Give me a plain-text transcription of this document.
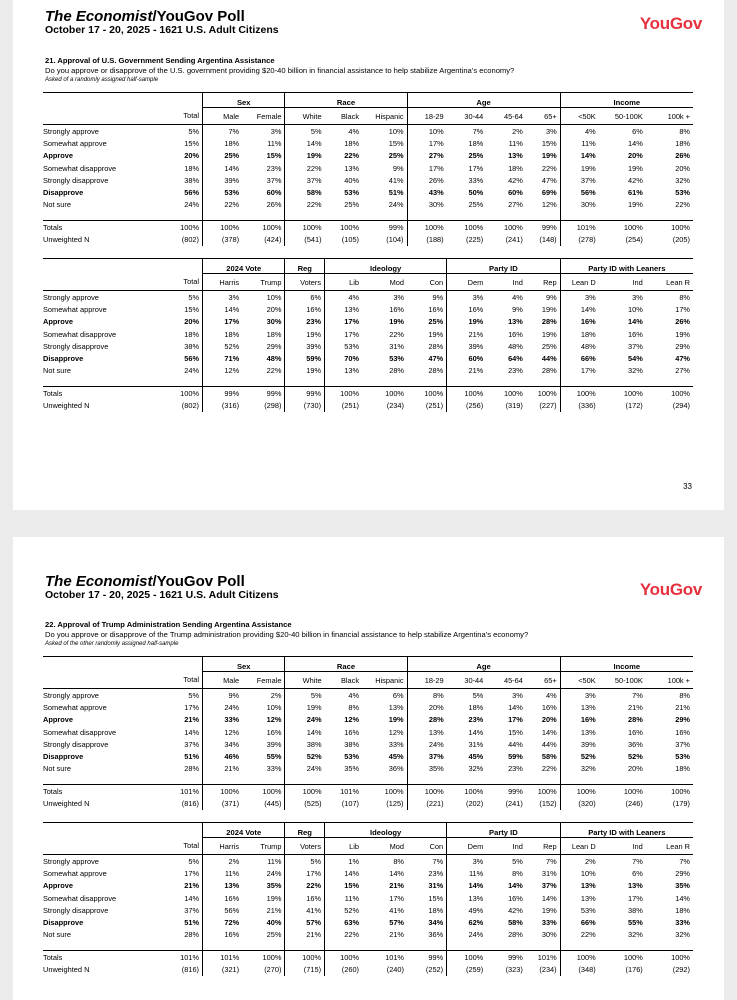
The Economist/YouGov Poll
October 17 - 20, 2025 - 1621 U.S. Adult Citizens	YouGov
21. Approval of U.S. Government Sending Argentina Assistance
Do you approve or disapprove of the U.S. government providing $20-40 billion in financial assistance to help stabilize Argentina’s economy?
Asked of a randomly assigned half-sample
		Sex		Race			Age				Income		
	Total	Male	Female	White	Black	Hispanic	18-29	30-44	45-64	65+	<50K	50-100K	100k +
Strongly approve	5%	7%	3%	5%	4%	10%	10%	7%	2%	3%	4%	6%	8%
Somewhat approve	15%	18%	11%	14%	18%	15%	17%	18%	11%	15%	11%	14%	18%
Approve	20%	25%	15%	19%	22%	25%	27%	25%	13%	19%	14%	20%	26%
Somewhat disapprove	18%	14%	23%	22%	13%	9%	17%	17%	18%	22%	19%	19%	20%
Strongly disapprove	38%	39%	37%	37%	40%	41%	26%	33%	42%	47%	37%	42%	32%
Disapprove	56%	53%	60%	58%	53%	51%	43%	50%	60%	69%	56%	61%	53%
Not sure	24%	22%	26%	22%	25%	24%	30%	25%	27%	12%	30%	19%	22%

Totals	100%	100%	100%	100%	100%	99%	100%	100%	100%	99%	101%	100%	100%
Unweighted N	(802)	(378)	(424)	(541)	(105)	(104)	(188)	(225)	(241)	(148)	(278)	(254)	(205)
		2024 Vote		Reg	Ideology			Party ID			Party ID with Leaners		
	Total	Harris	Trump	Voters	Lib	Mod	Con	Dem	Ind	Rep	Lean D	Ind	Lean R
Strongly approve	5%	3%	10%	6%	4%	3%	9%	3%	4%	9%	3%	3%	8%
Somewhat approve	15%	14%	20%	16%	13%	16%	16%	16%	9%	19%	14%	10%	17%
Approve	20%	17%	30%	23%	17%	19%	25%	19%	13%	28%	16%	14%	26%
Somewhat disapprove	18%	18%	18%	19%	17%	22%	19%	21%	16%	19%	18%	16%	19%
Strongly disapprove	38%	52%	29%	39%	53%	31%	28%	39%	48%	25%	48%	37%	29%
Disapprove	56%	71%	48%	59%	70%	53%	47%	60%	64%	44%	66%	54%	47%
Not sure	24%	12%	22%	19%	13%	28%	28%	21%	23%	28%	17%	32%	27%

Totals	100%	99%	99%	99%	100%	100%	100%	100%	100%	100%	100%	100%	100%
Unweighted N	(802)	(316)	(298)	(730)	(251)	(234)	(251)	(256)	(319)	(227)	(336)	(172)	(294)
33
The Economist/YouGov Poll
October 17 - 20, 2025 - 1621 U.S. Adult Citizens	YouGov
22. Approval of Trump Administration Sending Argentina Assistance
Do you approve or disapprove of the Trump administration providing $20-40 billion in financial assistance to help stabilize Argentina’s economy?
Asked of the other randomly assigned half-sample
		Sex		Race			Age				Income		
	Total	Male	Female	White	Black	Hispanic	18-29	30-44	45-64	65+	<50K	50-100K	100k +
Strongly approve	5%	9%	2%	5%	4%	6%	8%	5%	3%	4%	3%	7%	8%
Somewhat approve	17%	24%	10%	19%	8%	13%	20%	18%	14%	16%	13%	21%	21%
Approve	21%	33%	12%	24%	12%	19%	28%	23%	17%	20%	16%	28%	29%
Somewhat disapprove	14%	12%	16%	14%	16%	12%	13%	14%	15%	14%	13%	16%	16%
Strongly disapprove	37%	34%	39%	38%	38%	33%	24%	31%	44%	44%	39%	36%	37%
Disapprove	51%	46%	55%	52%	53%	45%	37%	45%	59%	58%	52%	52%	53%
Not sure	28%	21%	33%	24%	35%	36%	35%	32%	23%	22%	32%	20%	18%

Totals	101%	100%	100%	100%	101%	100%	100%	100%	99%	100%	100%	100%	100%
Unweighted N	(816)	(371)	(445)	(525)	(107)	(125)	(221)	(202)	(241)	(152)	(320)	(246)	(179)
		2024 Vote		Reg	Ideology			Party ID			Party ID with Leaners		
	Total	Harris	Trump	Voters	Lib	Mod	Con	Dem	Ind	Rep	Lean D	Ind	Lean R
Strongly approve	5%	2%	11%	5%	1%	8%	7%	3%	5%	7%	2%	7%	7%
Somewhat approve	17%	11%	24%	17%	14%	14%	23%	11%	8%	31%	10%	6%	29%
Approve	21%	13%	35%	22%	15%	21%	31%	14%	14%	37%	13%	13%	35%
Somewhat disapprove	14%	16%	19%	16%	11%	17%	15%	13%	16%	14%	13%	17%	14%
Strongly disapprove	37%	56%	21%	41%	52%	41%	18%	49%	42%	19%	53%	38%	18%
Disapprove	51%	72%	40%	57%	63%	57%	34%	62%	58%	33%	66%	55%	33%
Not sure	28%	16%	25%	21%	22%	21%	36%	24%	28%	30%	22%	32%	32%

Totals	101%	101%	100%	100%	100%	101%	99%	100%	99%	101%	100%	100%	100%
Unweighted N	(816)	(321)	(270)	(715)	(260)	(240)	(252)	(259)	(323)	(234)	(348)	(176)	(292)
